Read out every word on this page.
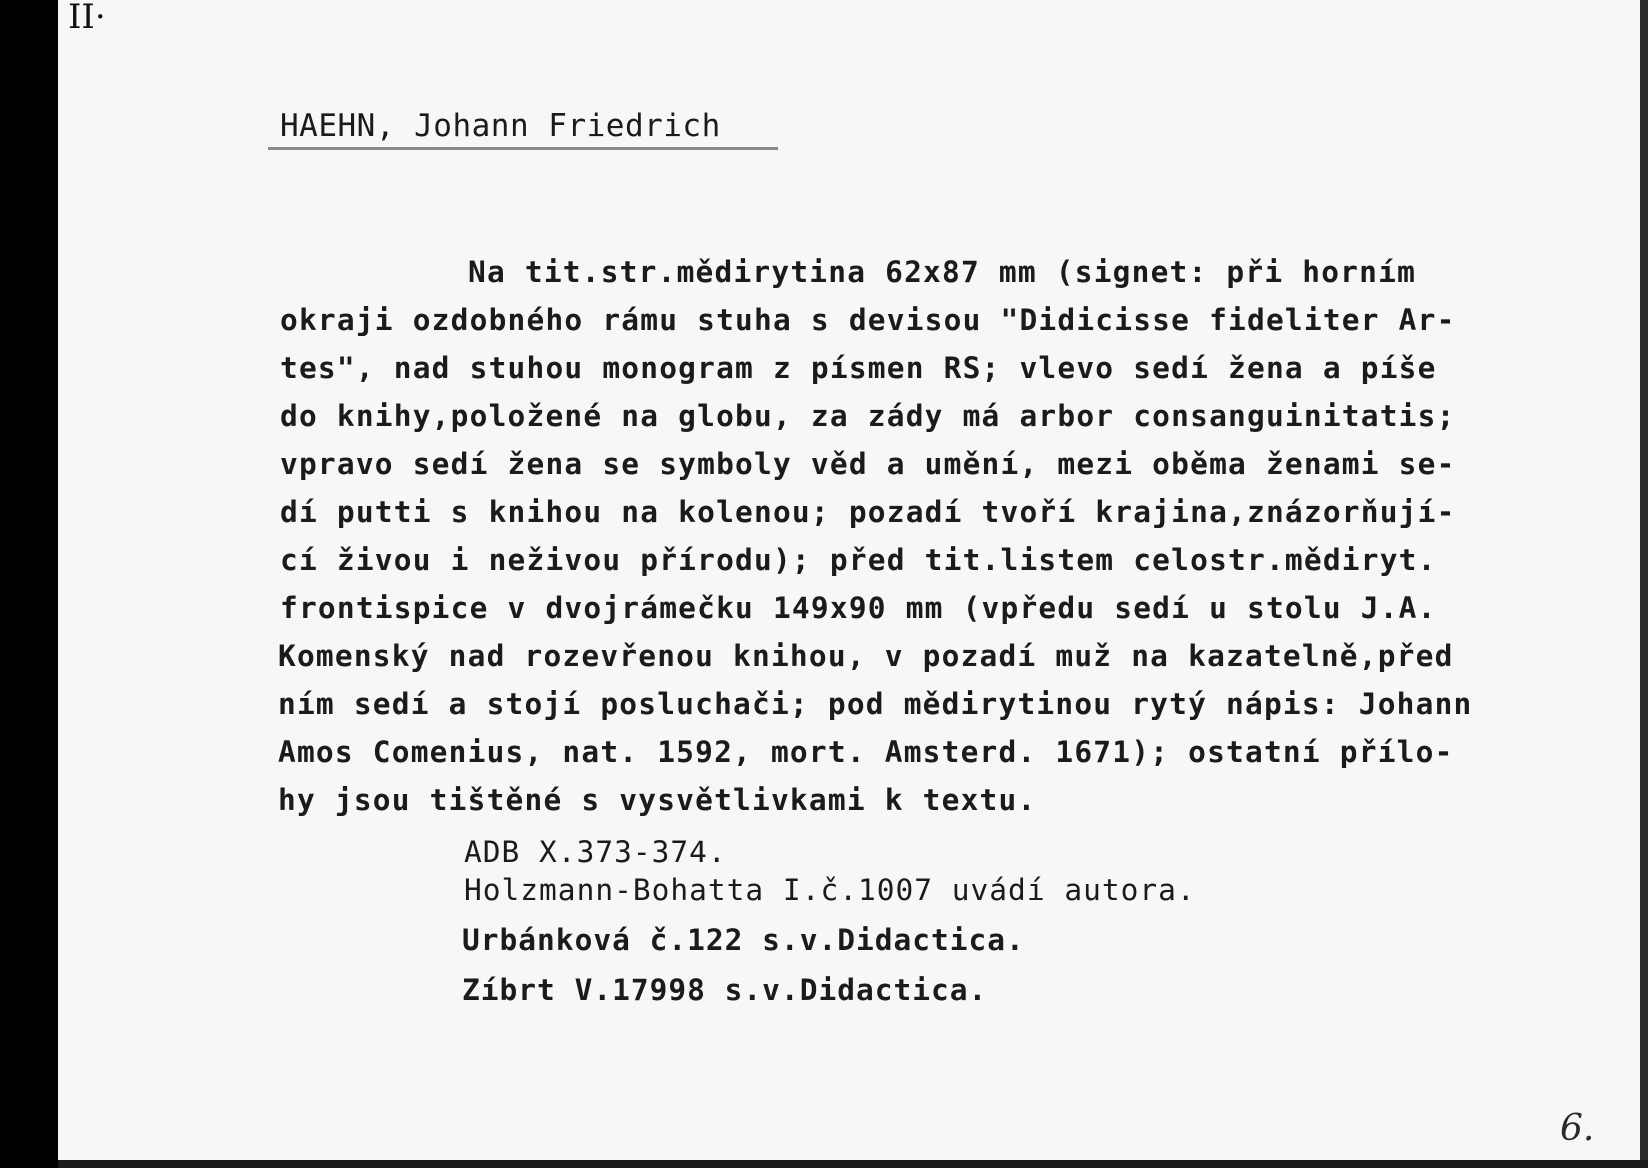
II·
HAEHN, Johann Friedrich
Na tit.str.mědirytina 62x87 mm (signet: při horním
okraji ozdobného rámu stuha s devisou "Didicisse fideliter Ar-
tes", nad stuhou monogram z písmen RS; vlevo sedí žena a píše
do knihy,položené na globu, za zády má arbor consanguinitatis;
vpravo sedí žena se symboly věd a umění, mezi oběma ženami se-
dí putti s knihou na kolenou; pozadí tvoří krajina,znázorňují-
cí živou i neživou přírodu); před tit.listem celostr.mědiryt.
frontispice v dvojrámečku 149x90 mm (vpředu sedí u stolu J.A.
Komenský nad rozevřenou knihou, v pozadí muž na kazatelně,před
ním sedí a stojí posluchači; pod mědirytinou rytý nápis: Johann
Amos Comenius, nat. 1592, mort. Amsterd. 1671); ostatní přílo-
hy jsou tištěné s vysvětlivkami k textu.
ADB X.373-374.
Holzmann-Bohatta I.č.1007 uvádí autora.
Urbánková č.122 s.v.Didactica.
Zíbrt V.17998 s.v.Didactica.
6.
